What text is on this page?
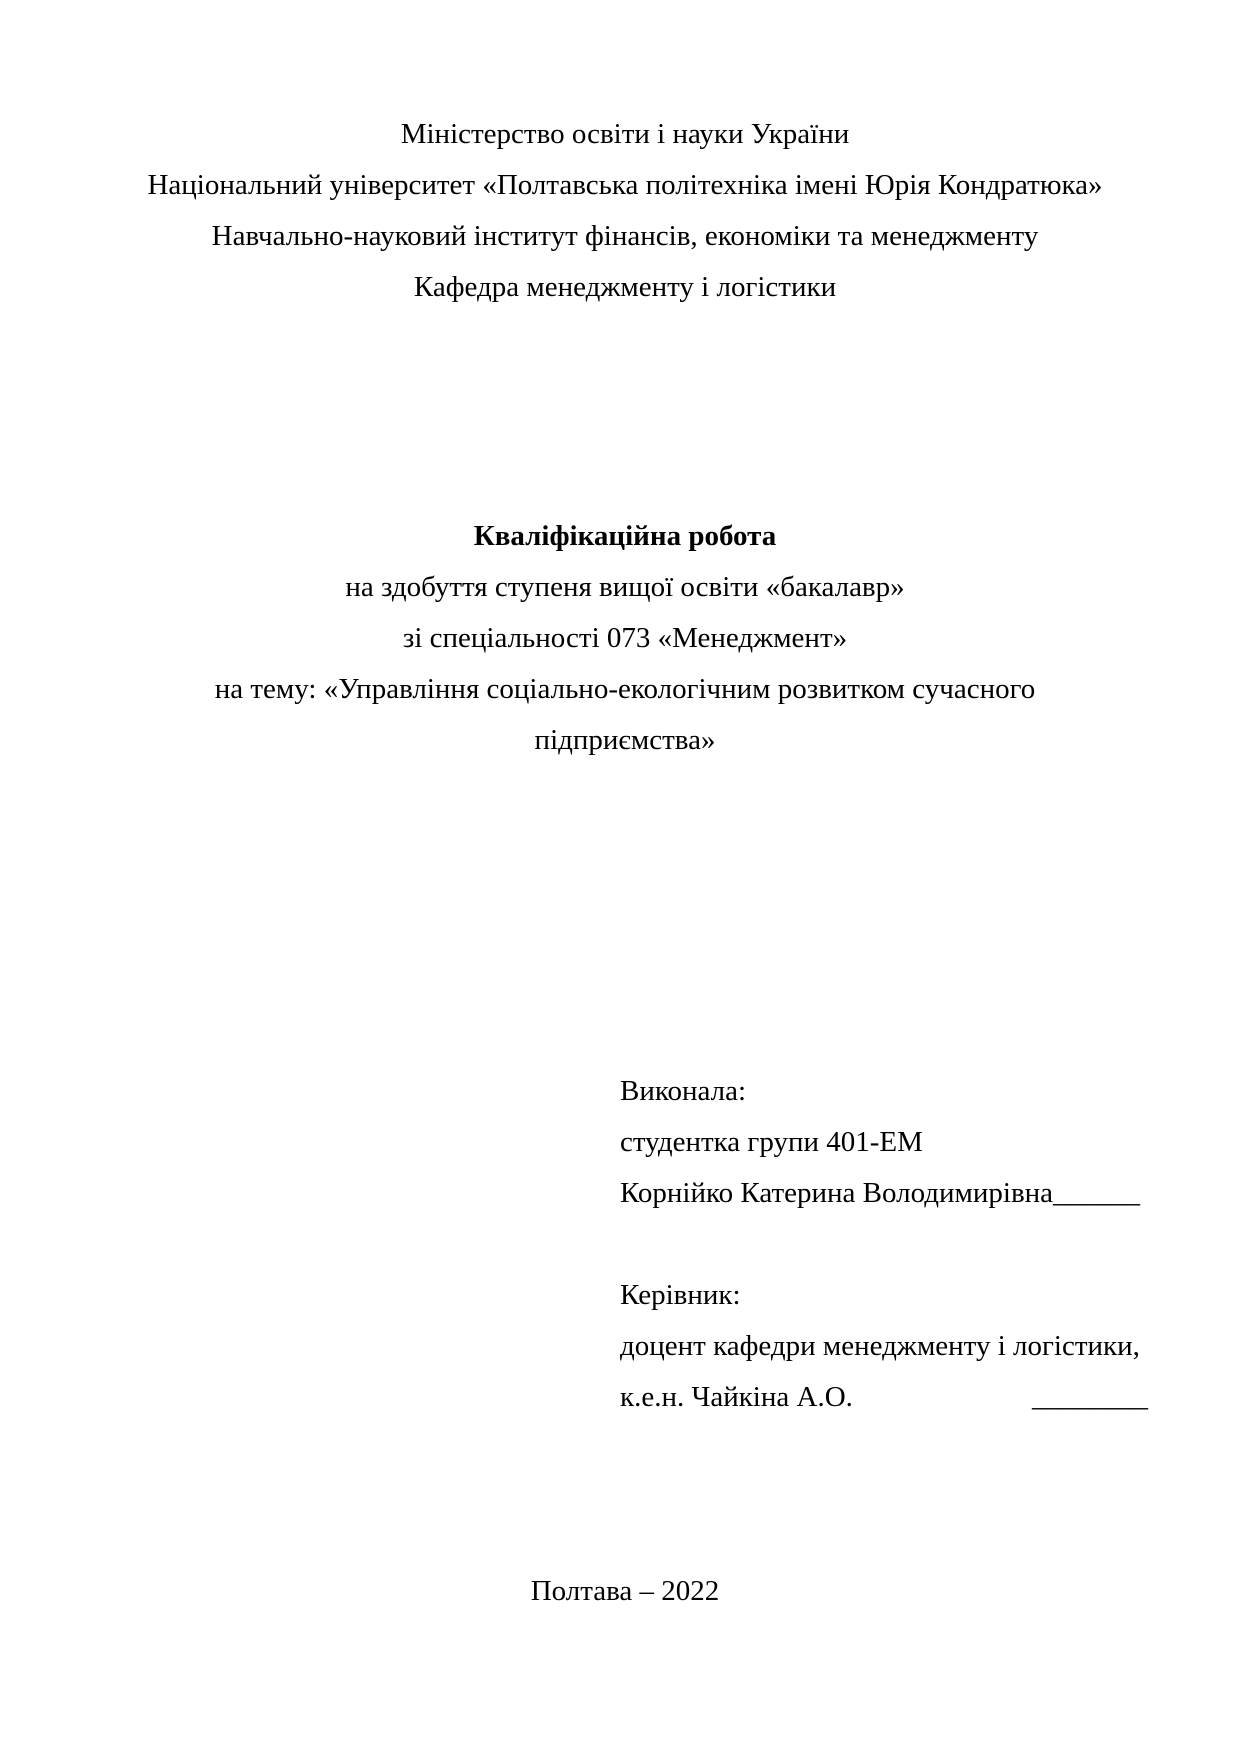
Міністерство освіти і науки України

Національний університет «Полтавська політехніка імені Юрія Кондратюка»

Навчально-науковий інститут фінансів, економіки та менеджменту

Кафедра менеджменту і логістики

Кваліфікаційна робота

на здобуття ступеня вищої освіти «бакалавр»

зі спеціальності 073 «Менеджмент»

на тему: «Управління соціально-екологічним розвитком сучасного

підприємства»

Виконала:

студентка групи 401-ЕМ

Корнійко Катерина Володимирівна______

Керівник:

доцент кафедри менеджменту і логістики,

к.е.н. Чайкіна А.О.	________

Полтава – 2022
